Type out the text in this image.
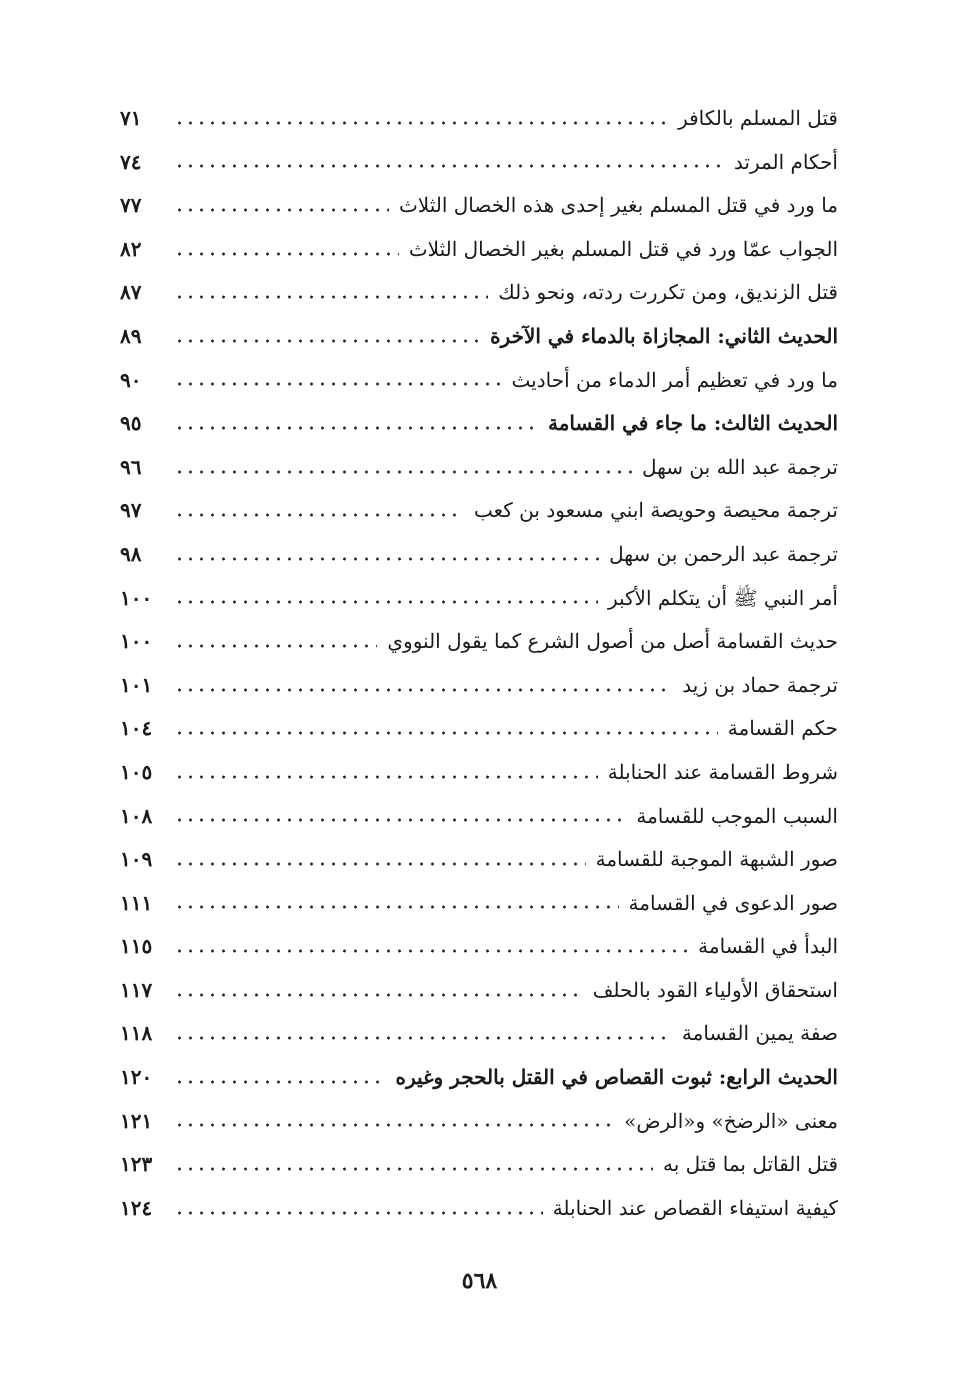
قتل المسلم بالكافر
٧١
أحكام المرتد
٧٤
ما ورد في قتل المسلم بغير إحدى هذه الخصال الثلاث
٧٧
الجواب عمّا ورد في قتل المسلم بغير الخصال الثلاث
٨٢
قتل الزنديق، ومن تكررت ردته، ونحو ذلك
٨٧
الحديث الثاني: المجازاة بالدماء في الآخرة
٨٩
ما ورد في تعظيم أمر الدماء من أحاديث
٩٠
الحديث الثالث: ما جاء في القسامة
٩٥
ترجمة عبد الله بن سهل
٩٦
ترجمة محيصة وحويصة ابني مسعود بن كعب
٩٧
ترجمة عبد الرحمن بن سهل
٩٨
أمر النبي ﷺ أن يتكلم الأكبر
١٠٠
حديث القسامة أصل من أصول الشرع كما يقول النووي
١٠٠
ترجمة حماد بن زيد
١٠١
حكم القسامة
١٠٤
شروط القسامة عند الحنابلة
١٠٥
السبب الموجب للقسامة
١٠٨
صور الشبهة الموجبة للقسامة
١٠٩
صور الدعوى في القسامة
١١١
البدأ في القسامة
١١٥
استحقاق الأولياء القود بالحلف
١١٧
صفة يمين القسامة
١١٨
الحديث الرابع: ثبوت القصاص في القتل بالحجر وغيره
١٢٠
معنى «الرضخ» و«الرض»
١٢١
قتل القاتل بما قتل به
١٢٣
كيفية استيفاء القصاص عند الحنابلة
١٢٤
٥٦٨
